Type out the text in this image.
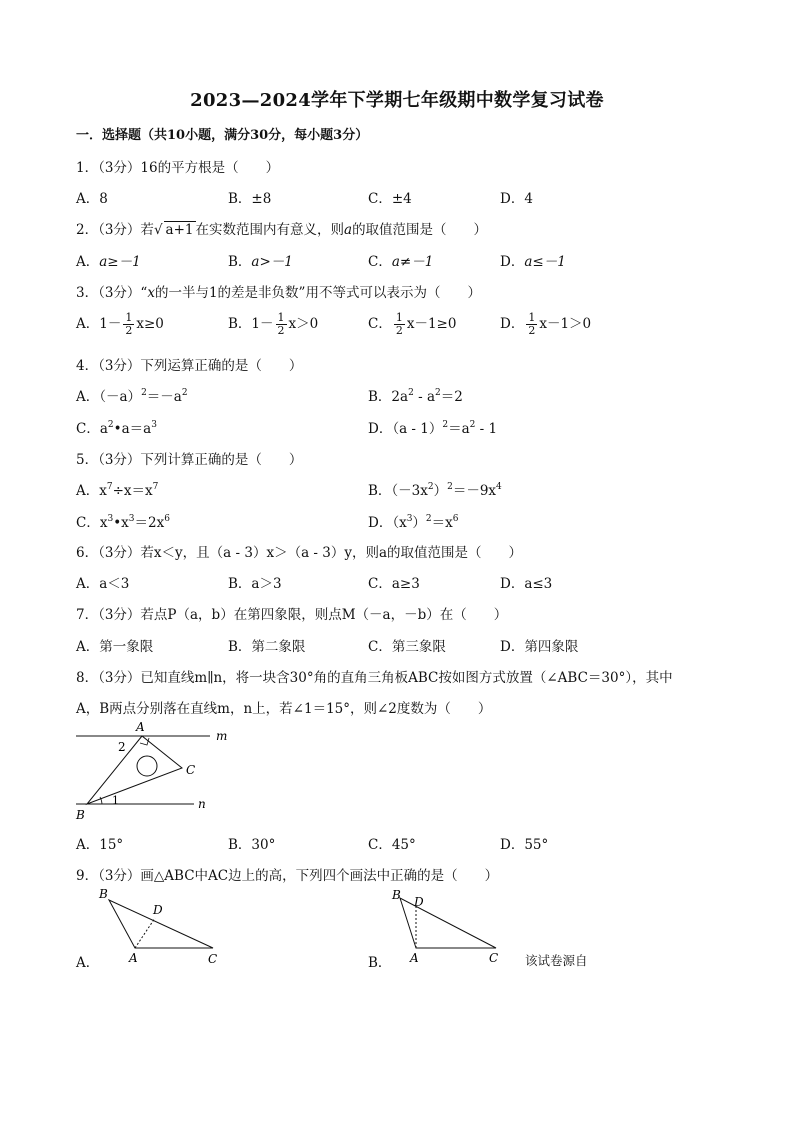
2023—2024学年下学期七年级期中数学复习试卷
一．选择题（共10小题，满分30分，每小题3分）
1．（3分）16的平方根是（　　）
A．8	B．±8	C．±4	D．4
2．（3分）若√ a+1 在实数范围内有意义，则a的取值范围是（　　）
A．a≥－1	B．a>－1	C．a≠－1	D．a≤－1
3．（3分）“x的一半与1的差是非负数”用不等式可以表示为（　　）
A．$1- \frac{1}{2} x\ge 0$	B．$1- \frac{1}{2} x>0$	C． $\frac{1}{2} x-1\ge 0$	D． $\frac{1}{2} x-1>0$
4．（3分）下列运算正确的是（　　）
A．$(-a)^2=-a^2$	B．$2a^2 - a^2=2$
C．$a^2•a=a^3$	D．$(a - 1)^2=a^2 - 1$
5．（3分）下列计算正确的是（　　）
A．$x^7\div x=x^7$	B．$(-3x^2)^2=-9x^4$
C．$x^3•x^3=2x^6$	D．$(x^3)^2=x^6$
6．（3分）若x＜y，且（a - 3）x＞（a - 3）y，则a的取值范围是（　　）
A．a＜3	B．a＞3	C．a≥3	D．a≤3
7．（3分）若点P（a，b）在第四象限，则点M（－a，－b）在（　　）
A．第一象限	B．第二象限	C．第三象限	D．第四象限
8．（3分）已知直线m∥n，将一块含30°角的直角三角板ABC按如图方式放置（∠ABC＝30°），其中
A，B两点分别落在直线m，n上，若∠1＝15°，则∠2度数为（　　）
A
m
2
C
1	n
B
A．15°	B．30°	C．45°	D．55°
9．（3分）画△ABC中AC边上的高，下列四个画法中正确的是（　　）
A．
B
D
A	C	B．
B D
A	C 该试卷源自
